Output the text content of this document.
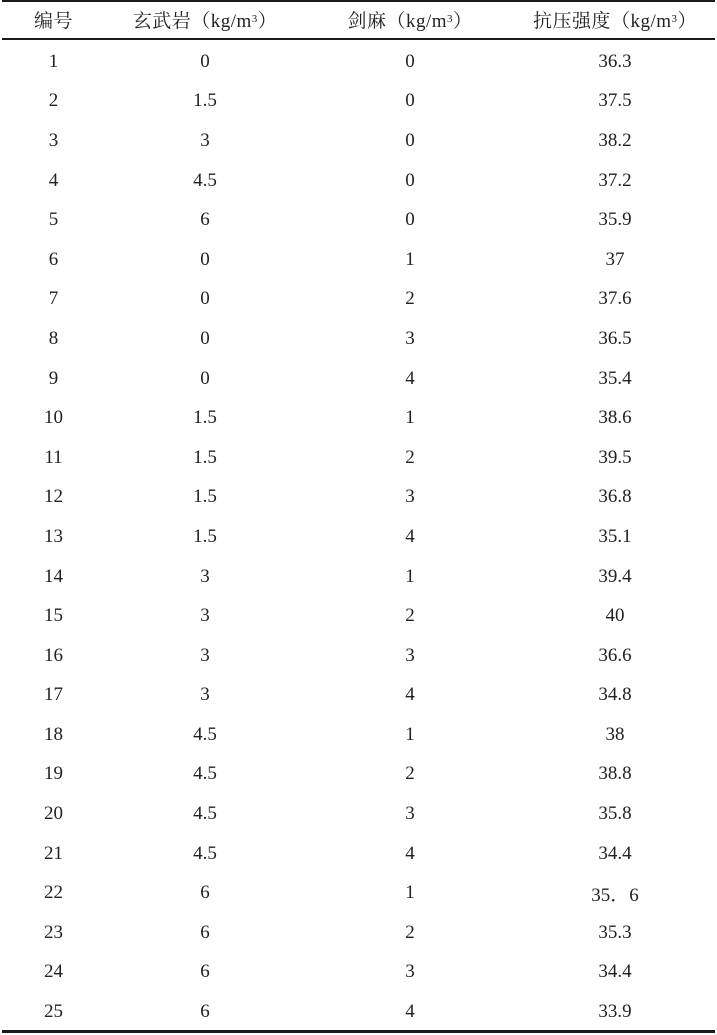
编号	玄武岩 （kg/m 3 ）	剑麻 （kg/m 3 ）	抗压强度 （kg/m 3 ）
1	0	0	36.3
2	1.5	0	37.5
3	3	0	38.2
4	4.5	0	37.2
5	6	0	35.9
6	0	1	37
7	0	2	37.6
8	0	3	36.5
9	0	4	35.4
10	1.5	1	38.6
11	1.5	2	39.5
12	1.5	3	36.8
13	1.5	4	35.1
14	3	1	39.4
15	3	2	40
16	3	3	36.6
17	3	4	34.8
18	4.5	1	38
19	4.5	2	38.8
20	4.5	3	35.8
21	4.5	4	34.4
22	6	1	35．6
23	6	2	35.3
24	6	3	34.4
25	6	4	33.9
